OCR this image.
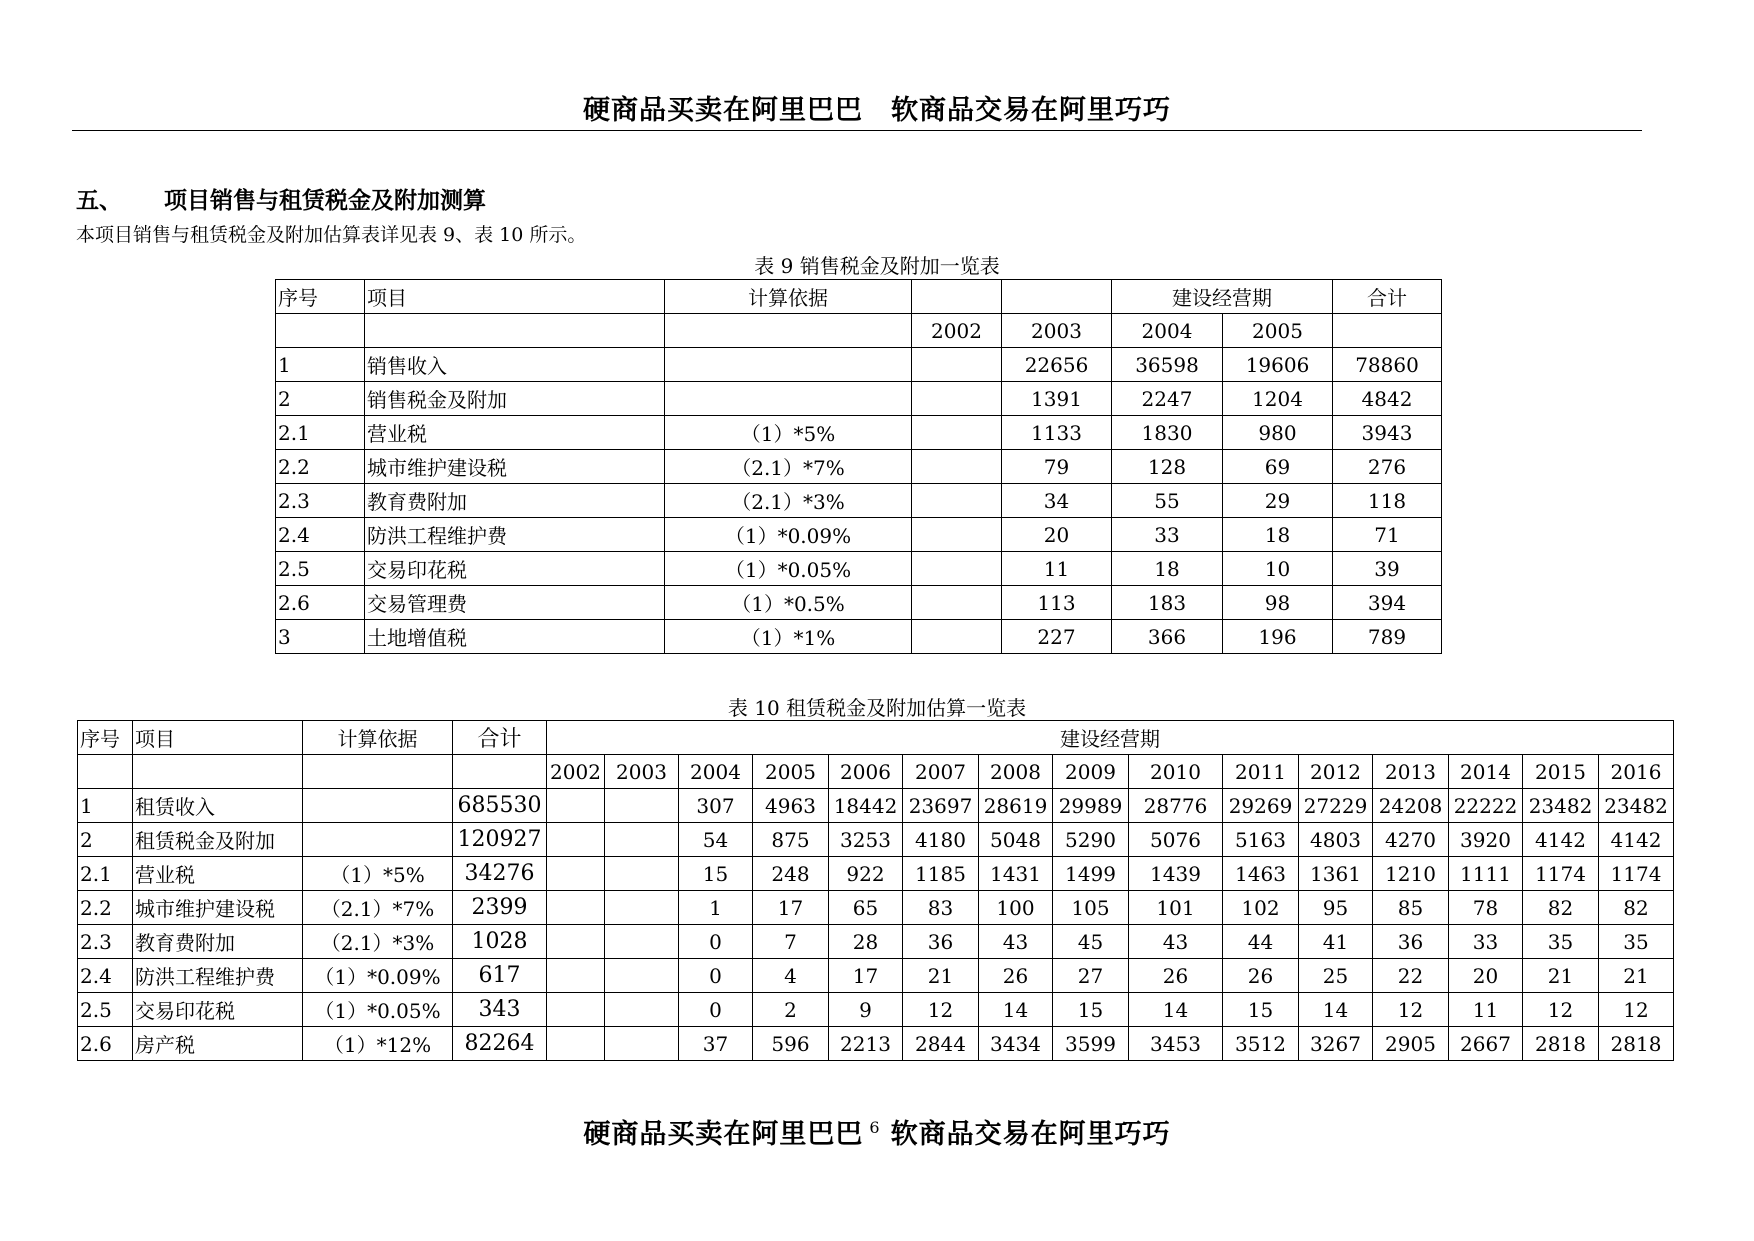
硬商品买卖在阿里巴巴　软商品交易在阿里巧巧
五、	项目销售与租赁税金及附加测算
本项目销售与租赁税金及附加估算表详见表 9、表 10 所示。
表 9 销售税金及附加一览表
序号	项目	计算依据			建设经营期		合计
			2002	2003	2004	2005	
1	销售收入			22656	36598	19606	78860
2	销售税金及附加			1391	2247	1204	4842
2.1	营业税	（1）*5%		1133	1830	980	3943
2.2	城市维护建设税	（2.1）*7%		79	128	69	276
2.3	教育费附加	（2.1）*3%		34	55	29	118
2.4	防洪工程维护费	（1）*0.09%		20	33	18	71
2.5	交易印花税	（1）*0.05%		11	18	10	39
2.6	交易管理费	（1）*0.5%		113	183	98	394
3	土地增值税	（1）*1%		227	366	196	789
表 10 租赁税金及附加估算一览表
序号	项目	计算依据	合计	建设经营期														
				2002	2003	2004	2005	2006	2007	2008	2009	2010	2011	2012	2013	2014	2015	2016
1	租赁收入		685530			307	4963	18442	23697	28619	29989	28776	29269	27229	24208	22222	23482	23482
2	租赁税金及附加		120927			54	875	3253	4180	5048	5290	5076	5163	4803	4270	3920	4142	4142
2.1	营业税	（1）*5%	34276			15	248	922	1185	1431	1499	1439	1463	1361	1210	1111	1174	1174
2.2	城市维护建设税	（2.1）*7%	2399			1	17	65	83	100	105	101	102	95	85	78	82	82
2.3	教育费附加	（2.1）*3%	1028			0	7	28	36	43	45	43	44	41	36	33	35	35
2.4	防洪工程维护费	（1）*0.09%	617			0	4	17	21	26	27	26	26	25	22	20	21	21
2.5	交易印花税	（1）*0.05%	343			0	2	9	12	14	15	14	15	14	12	11	12	12
2.6	房产税	（1）*12%	82264			37	596	2213	2844	3434	3599	3453	3512	3267	2905	2667	2818	2818
硬商品买卖在阿里巴巴 $^6$ 软商品交易在阿里巧巧
